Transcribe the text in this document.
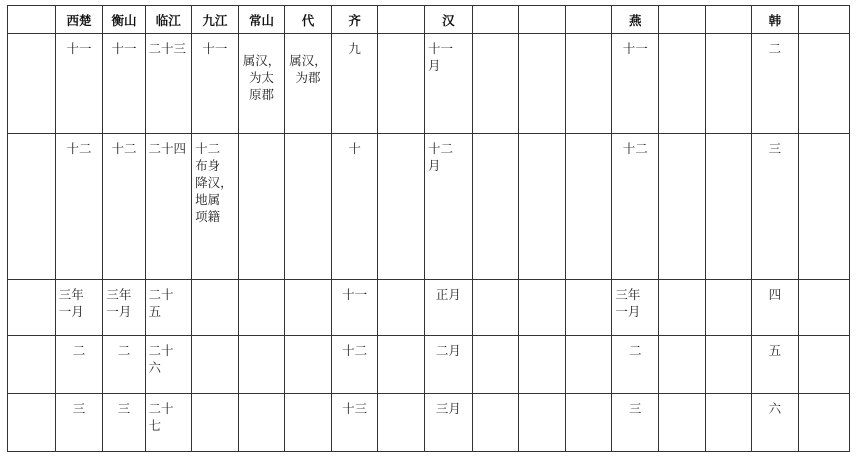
	西楚	衡山	临江	九江	常山	代	齐		汉				燕			韩	

	十一	十一	二十三	十一	属汉，
为太
原郡	属汉，
为郡	九		十一
月				十一			二	

	十二	十二	二十四	十二
布身
降汉，
地属
项籍			十		十二
月				十二			三	

	三年
一月	三年
一月	二十
五				十一		正月				三年
一月			四	

	二	二	二十
六				十二		二月				二			五	

	三	三	二十
七				十三		三月				三			六	
